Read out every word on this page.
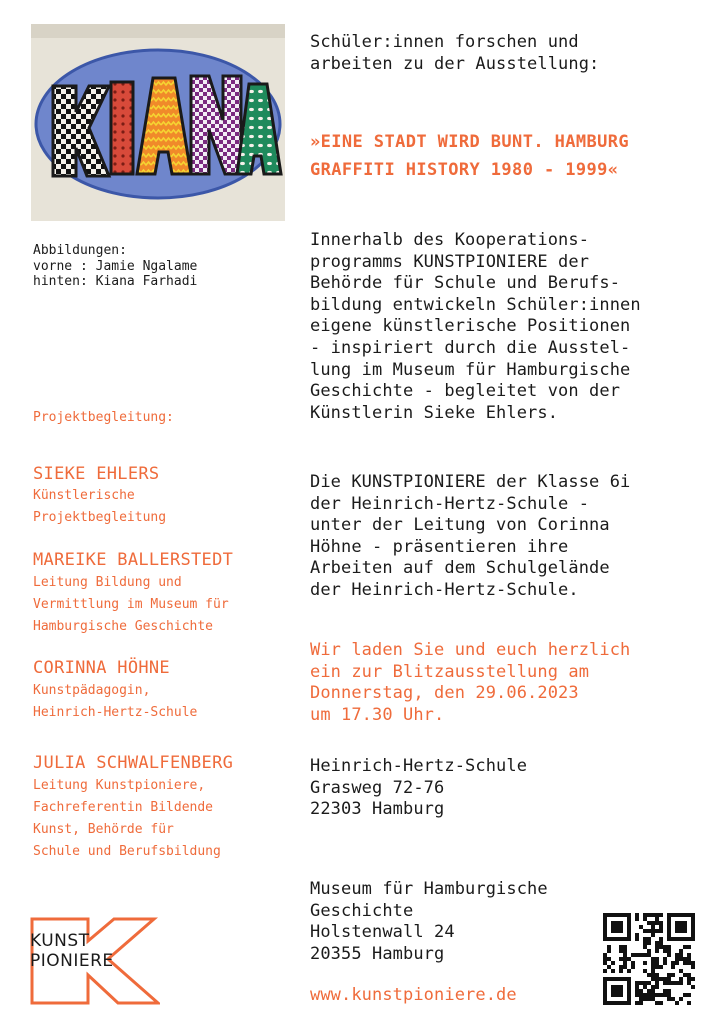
Abbildungen:
vorne : Jamie Ngalame
hinten: Kiana Farhadi
Projektbegleitung:
SIEKE EHLERS
Künstlerische
Projektbegleitung
MAREIKE BALLERSTEDT
Leitung Bildung und
Vermittlung im Museum für
Hamburgische Geschichte
CORINNA HÖHNE
Kunstpädagogin,
Heinrich-Hertz-Schule
JULIA SCHWALFENBERG
Leitung Kunstpioniere,
Fachreferentin Bildende
Kunst, Behörde für
Schule und Berufsbildung
Schüler:innen forschen und
arbeiten zu der Ausstellung:
»EINE STADT WIRD BUNT. HAMBURG
GRAFFITI HISTORY 1980 - 1999«
Innerhalb des Kooperations-
programms KUNSTPIONIERE der
Behörde für Schule und Berufs-
bildung entwickeln Schüler:innen
eigene künstlerische Positionen
- inspiriert durch die Ausstel-
lung im Museum für Hamburgische
Geschichte - begleitet von der
Künstlerin Sieke Ehlers.
Die KUNSTPIONIERE der Klasse 6i
der Heinrich-Hertz-Schule -
unter der Leitung von Corinna
Höhne - präsentieren ihre
Arbeiten auf dem Schulgelände
der Heinrich-Hertz-Schule.
Wir laden Sie und euch herzlich
ein zur Blitzausstellung am
Donnerstag, den 29.06.2023
um 17.30 Uhr.
Heinrich-Hertz-Schule
Grasweg 72-76
22303 Hamburg
Museum für Hamburgische
Geschichte
Holstenwall 24
20355 Hamburg
www.kunstpioniere.de
KUNST
PIONIERE
